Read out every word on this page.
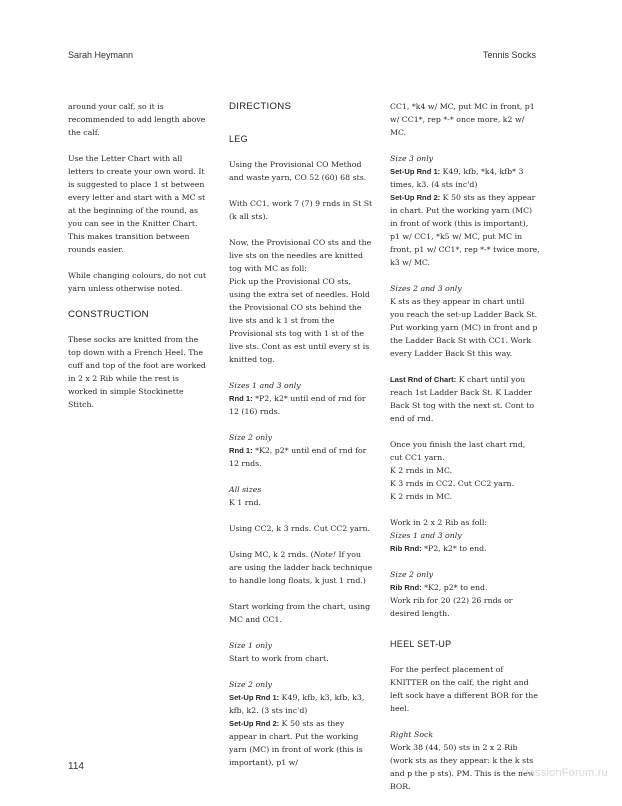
Sarah Heymann	Tennis Socks

around your calf, so it is recommended to add length above the calf.

Use the Letter Chart with all letters to create your own word. It is suggested to place 1 st between every letter and start with a MC st at the beginning of the round, as you can see in the Knitter Chart. This makes transition between rounds easier.

While changing colours, do not cut yarn unless otherwise noted.

CONSTRUCTION

These socks are knitted from the top down with a French Heel. The cuff and top of the foot are worked in 2 x 2 Rib while the rest is worked in simple Stockinette Stitch.

DIRECTIONS
LEG

Using the Provisional CO Method and waste yarn, CO 52 (60) 68 sts.

With CC1, work 7 (7) 9 rnds in St St (k all sts).

Now, the Provisional CO sts and the live sts on the needles are knitted tog with MC as foll:

Pick up the Provisional CO sts, using the extra set of needles. Hold the Provisional CO sts behind the live sts and k 1 st from the Provisional sts tog with 1 st of the live sts. Cont as est until every st is knitted tog.

Sizes 1 and 3 only
Rnd 1: *P2, k2* until end of rnd for 12 (16) rnds.

Size 2 only
Rnd 1: *K2, p2* until end of rnd for 12 rnds.

All sizes
K 1 rnd.

Using CC2, k 3 rnds. Cut CC2 yarn.

Using MC, k 2 rnds. (Note! If you are using the ladder back technique to handle long floats, k just 1 rnd.)

Start working from the chart, using MC and CC1.

Size 1 only
Start to work from chart.

Size 2 only
Set-Up Rnd 1: K49, kfb, k3, kfb, k3, kfb, k2. (3 sts inc'd)
Set-Up Rnd 2: K 50 sts as they appear in chart. Put the working yarn (MC) in front of work (this is important), p1 w/

CC1, *k4 w/ MC, put MC in front, p1 w/ CC1*, rep *-* once more, k2 w/ MC.

Size 3 only
Set-Up Rnd 1: K49, kfb, *k4, kfb* 3 times, k3. (4 sts inc'd)
Set-Up Rnd 2: K 50 sts as they appear in chart. Put the working yarn (MC) in front of work (this is important), p1 w/ CC1, *k5 w/ MC, put MC in front, p1 w/ CC1*, rep *-* twice more, k3 w/ MC.

Sizes 2 and 3 only
K sts as they appear in chart until you reach the set-up Ladder Back St. Put working yarn (MC) in front and p the Ladder Back St with CC1. Work every Ladder Back St this way.

Last Rnd of Chart: K chart until you reach 1st Ladder Back St. K Ladder Back St tog with the next st. Cont to end of rnd.

Once you finish the last chart rnd, cut CC1 yarn.
K 2 rnds in MC.
K 3 rnds in CC2. Cut CC2 yarn.
K 2 rnds in MC.

Work in 2 x 2 Rib as foll:
Sizes 1 and 3 only
Rib Rnd: *P2, k2* to end.

Size 2 only
Rib Rnd: *K2, p2* to end.
Work rib for 20 (22) 26 rnds or desired length.

HEEL SET-UP

For the perfect placement of KNITTER on the calf, the right and left sock have a different BOR for the heel.

Right Sock
Work 38 (44, 50) sts in 2 x 2 Rib (work sts as they appear: k the k sts and p the p sts). PM. This is the new BOR.

114
PassionForum.ru
